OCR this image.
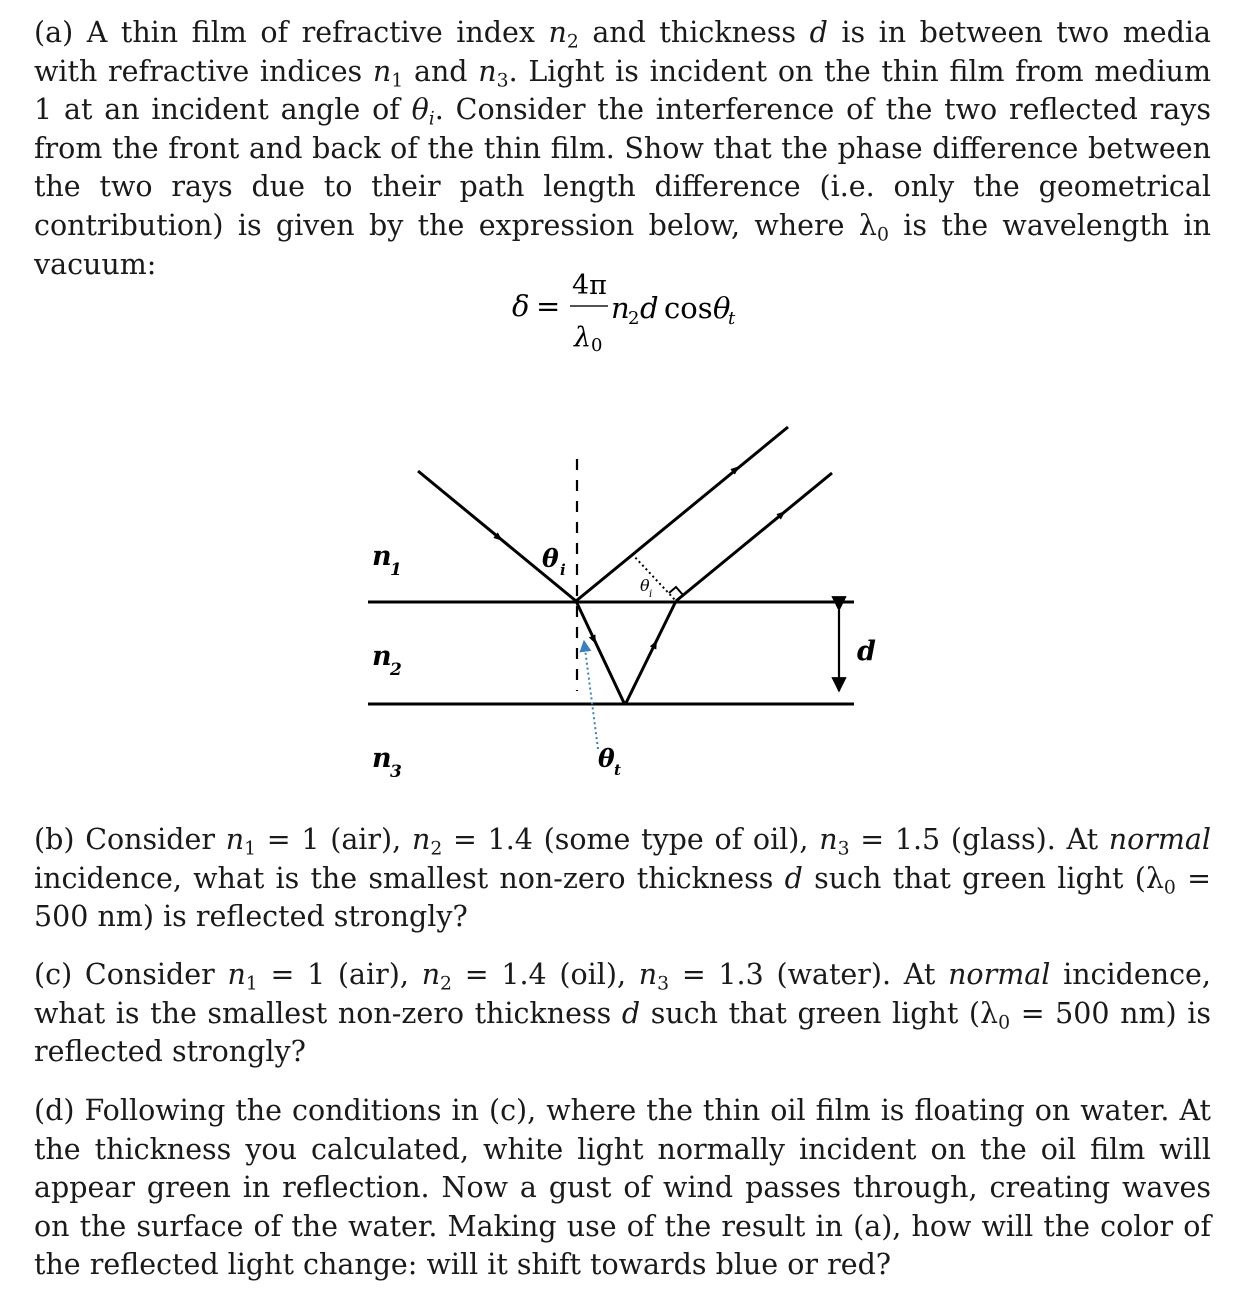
(a) A thin film of refractive index $n_2$ and thickness d is in between two media with refractive indices $n_1$ and $n_3$. Light is incident on the thin film from medium 1 at an incident angle of $\theta_i$. Consider the interference of the two reflected rays from the front and back of the thin film. Show that the phase difference between the two rays due to their path length difference (i.e. only the geometrical contribution) is given by the expression below, where $\lambda_0$ is the wavelength in vacuum:

δ =
4π
λ 0
n
2 d cos θ
t
n
1
n
2
n
3
d
θ i
θ i
θ t

(b) Consider $n_1 = 1$ (air), $n_2 = 1.4$ (some type of oil), $n_3 = 1.5$ (glass). At normal incidence, what is the smallest non-zero thickness d such that green light ($\lambda_0 = 500$ nm) is reflected strongly?

(c) Consider $n_1 = 1$ (air), $n_2 = 1.4$ (oil), $n_3 = 1.3$ (water). At normal incidence, what is the smallest non-zero thickness d such that green light ($\lambda_0 = 500$ nm) is reflected strongly?

(d) Following the conditions in (c), where the thin oil film is floating on water. At the thickness you calculated, white light normally incident on the oil film will appear green in reflection. Now a gust of wind passes through, creating waves on the surface of the water. Making use of the result in (a), how will the color of the reflected light change: will it shift towards blue or red?
